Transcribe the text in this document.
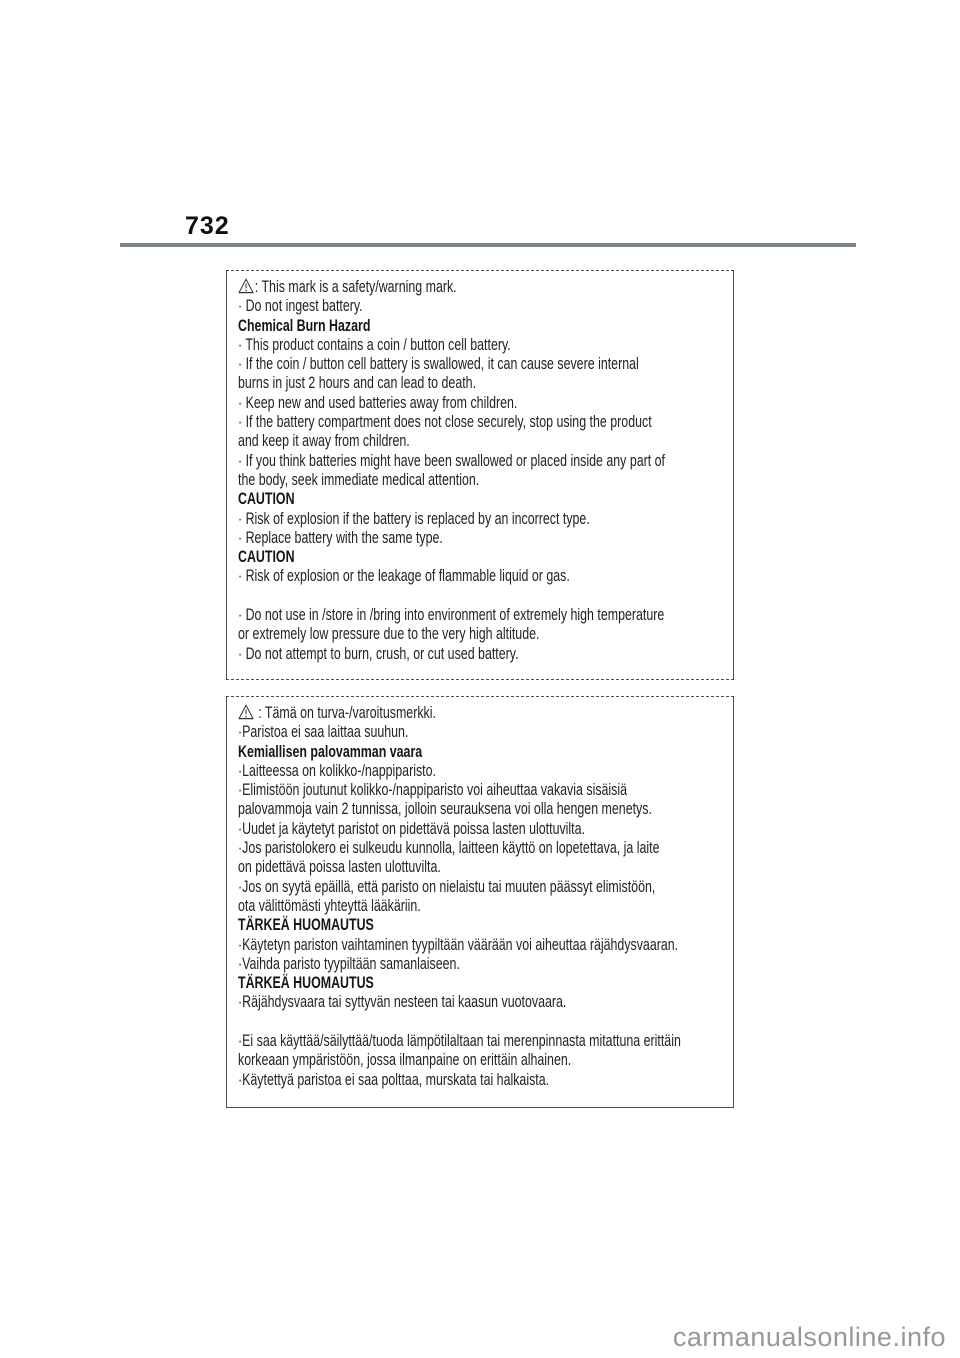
732
: This mark is a safety/warning mark.
· Do not ingest battery.
Chemical Burn Hazard
· This product contains a coin / button cell battery.
· If the coin / button cell battery is swallowed, it can cause severe internal
burns in just 2 hours and can lead to death.
· Keep new and used batteries away from children.
· If the battery compartment does not close securely, stop using the product
and keep it away from children.
· If you think batteries might have been swallowed or placed inside any part of
the body, seek immediate medical attention.
CAUTION
· Risk of explosion if the battery is replaced by an incorrect type.
· Replace battery with the same type.
CAUTION
· Risk of explosion or the leakage of flammable liquid or gas.

· Do not use in /store in /bring into environment of extremely high temperature
or extremely low pressure due to the very high altitude.
· Do not attempt to burn, crush, or cut used battery.
: Tämä on turva-/varoitusmerkki.
·Paristoa ei saa laittaa suuhun.
Kemiallisen palovamman vaara
·Laitteessa on kolikko-/nappiparisto.
·Elimistöön joutunut kolikko-/nappiparisto voi aiheuttaa vakavia sisäisiä
palovammoja vain 2 tunnissa, jolloin seurauksena voi olla hengen menetys.
·Uudet ja käytetyt paristot on pidettävä poissa lasten ulottuvilta.
·Jos paristolokero ei sulkeudu kunnolla, laitteen käyttö on lopetettava, ja laite
on pidettävä poissa lasten ulottuvilta.
·Jos on syytä epäillä, että paristo on nielaistu tai muuten päässyt elimistöön,
ota välittömästi yhteyttä lääkäriin.
TÄRKEÄ HUOMAUTUS
·Käytetyn pariston vaihtaminen tyypiltään väärään voi aiheuttaa räjähdysvaaran.
·Vaihda paristo tyypiltään samanlaiseen.
TÄRKEÄ HUOMAUTUS
·Räjähdysvaara tai syttyvän nesteen tai kaasun vuotovaara.

·Ei saa käyttää/säilyttää/tuoda lämpötilaltaan tai merenpinnasta mitattuna erittäin
korkeaan ympäristöön, jossa ilmanpaine on erittäin alhainen.
·Käytettyä paristoa ei saa polttaa, murskata tai halkaista.
carmanualsonline.info
